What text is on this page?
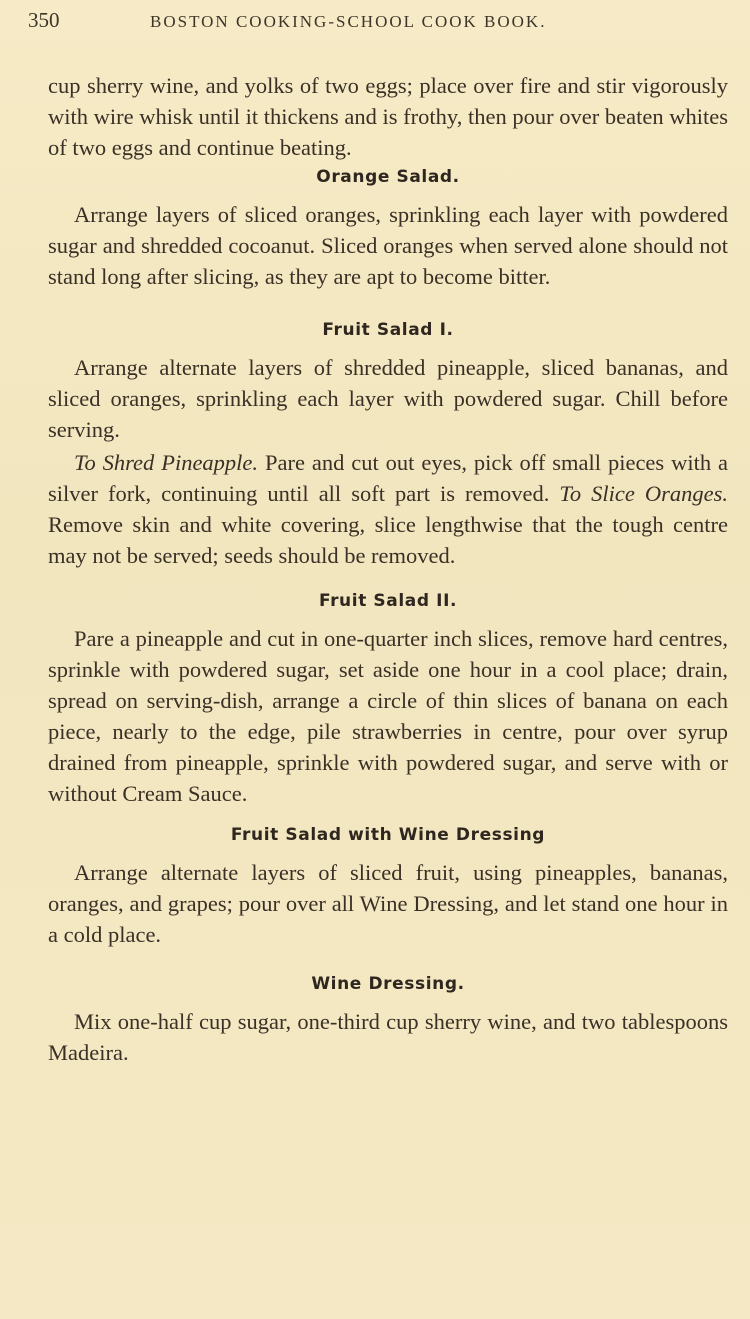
350	BOSTON COOKING-SCHOOL COOK BOOK.

cup sherry wine, and yolks of two eggs; place over fire and stir vigorously with wire whisk until it thickens and is frothy, then pour over beaten whites of two eggs and continue beating.

Orange Salad.

Arrange layers of sliced oranges, sprinkling each layer with powdered sugar and shredded cocoanut. Sliced oranges when served alone should not stand long after slicing, as they are apt to become bitter.

Fruit Salad I.

Arrange alternate layers of shredded pineapple, sliced bananas, and sliced oranges, sprinkling each layer with powdered sugar. Chill before serving.

To Shred Pineapple. Pare and cut out eyes, pick off small pieces with a silver fork, continuing until all soft part is removed. To Slice Oranges. Remove skin and white covering, slice lengthwise that the tough centre may not be served; seeds should be removed.

Fruit Salad II.

Pare a pineapple and cut in one-quarter inch slices, remove hard centres, sprinkle with powdered sugar, set aside one hour in a cool place; drain, spread on serving-dish, arrange a circle of thin slices of banana on each piece, nearly to the edge, pile strawberries in centre, pour over syrup drained from pineapple, sprinkle with powdered sugar, and serve with or without Cream Sauce.

Fruit Salad with Wine Dressing

Arrange alternate layers of sliced fruit, using pineapples, bananas, oranges, and grapes; pour over all Wine Dressing, and let stand one hour in a cold place.

Wine Dressing.

Mix one-half cup sugar, one-third cup sherry wine, and two tablespoons Madeira.
